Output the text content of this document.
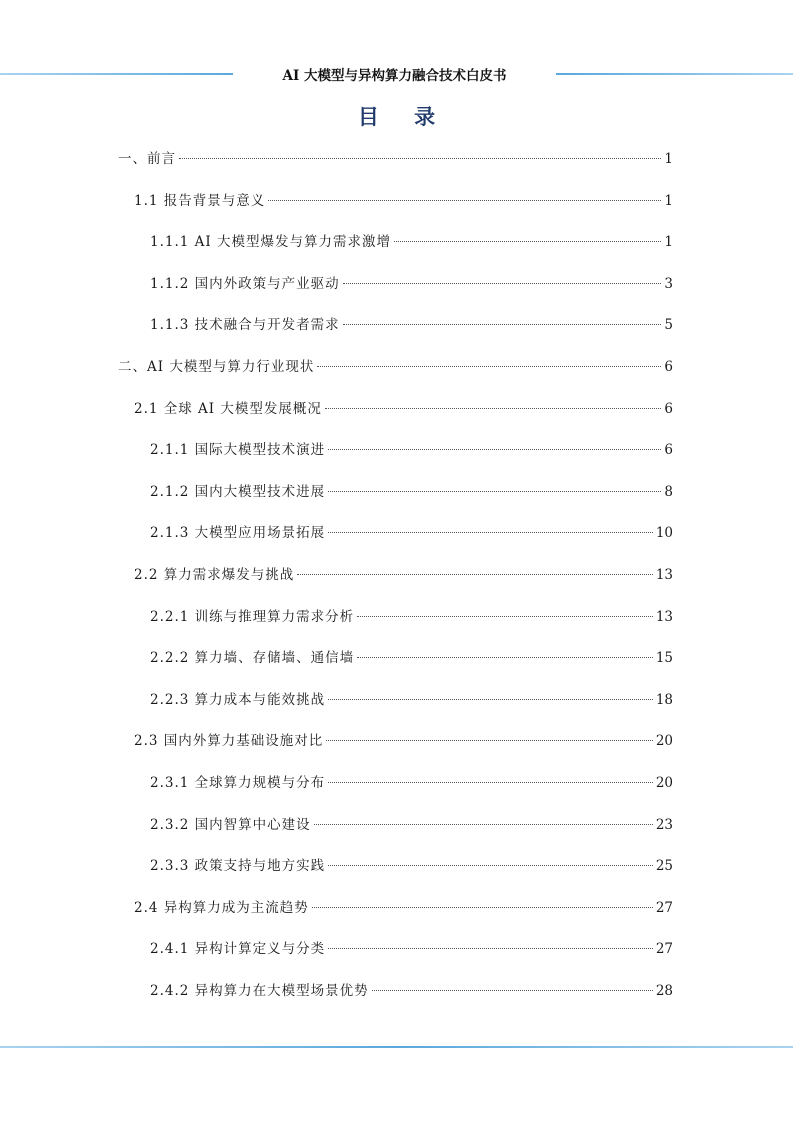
AI 大模型与异构算力融合技术白皮书
目 录
一、前言	1
1.1 报告背景与意义	1
1.1.1 AI 大模型爆发与算力需求激增	1
1.1.2 国内外政策与产业驱动	3
1.1.3 技术融合与开发者需求	5
二、AI 大模型与算力行业现状	6
2.1 全球 AI 大模型发展概况	6
2.1.1 国际大模型技术演进	6
2.1.2 国内大模型技术进展	8
2.1.3 大模型应用场景拓展	10
2.2 算力需求爆发与挑战	13
2.2.1 训练与推理算力需求分析	13
2.2.2 算力墙、存储墙、通信墙	15
2.2.3 算力成本与能效挑战	18
2.3 国内外算力基础设施对比	20
2.3.1 全球算力规模与分布	20
2.3.2 国内智算中心建设	23
2.3.3 政策支持与地方实践	25
2.4 异构算力成为主流趋势	27
2.4.1 异构计算定义与分类	27
2.4.2 异构算力在大模型场景优势	28
